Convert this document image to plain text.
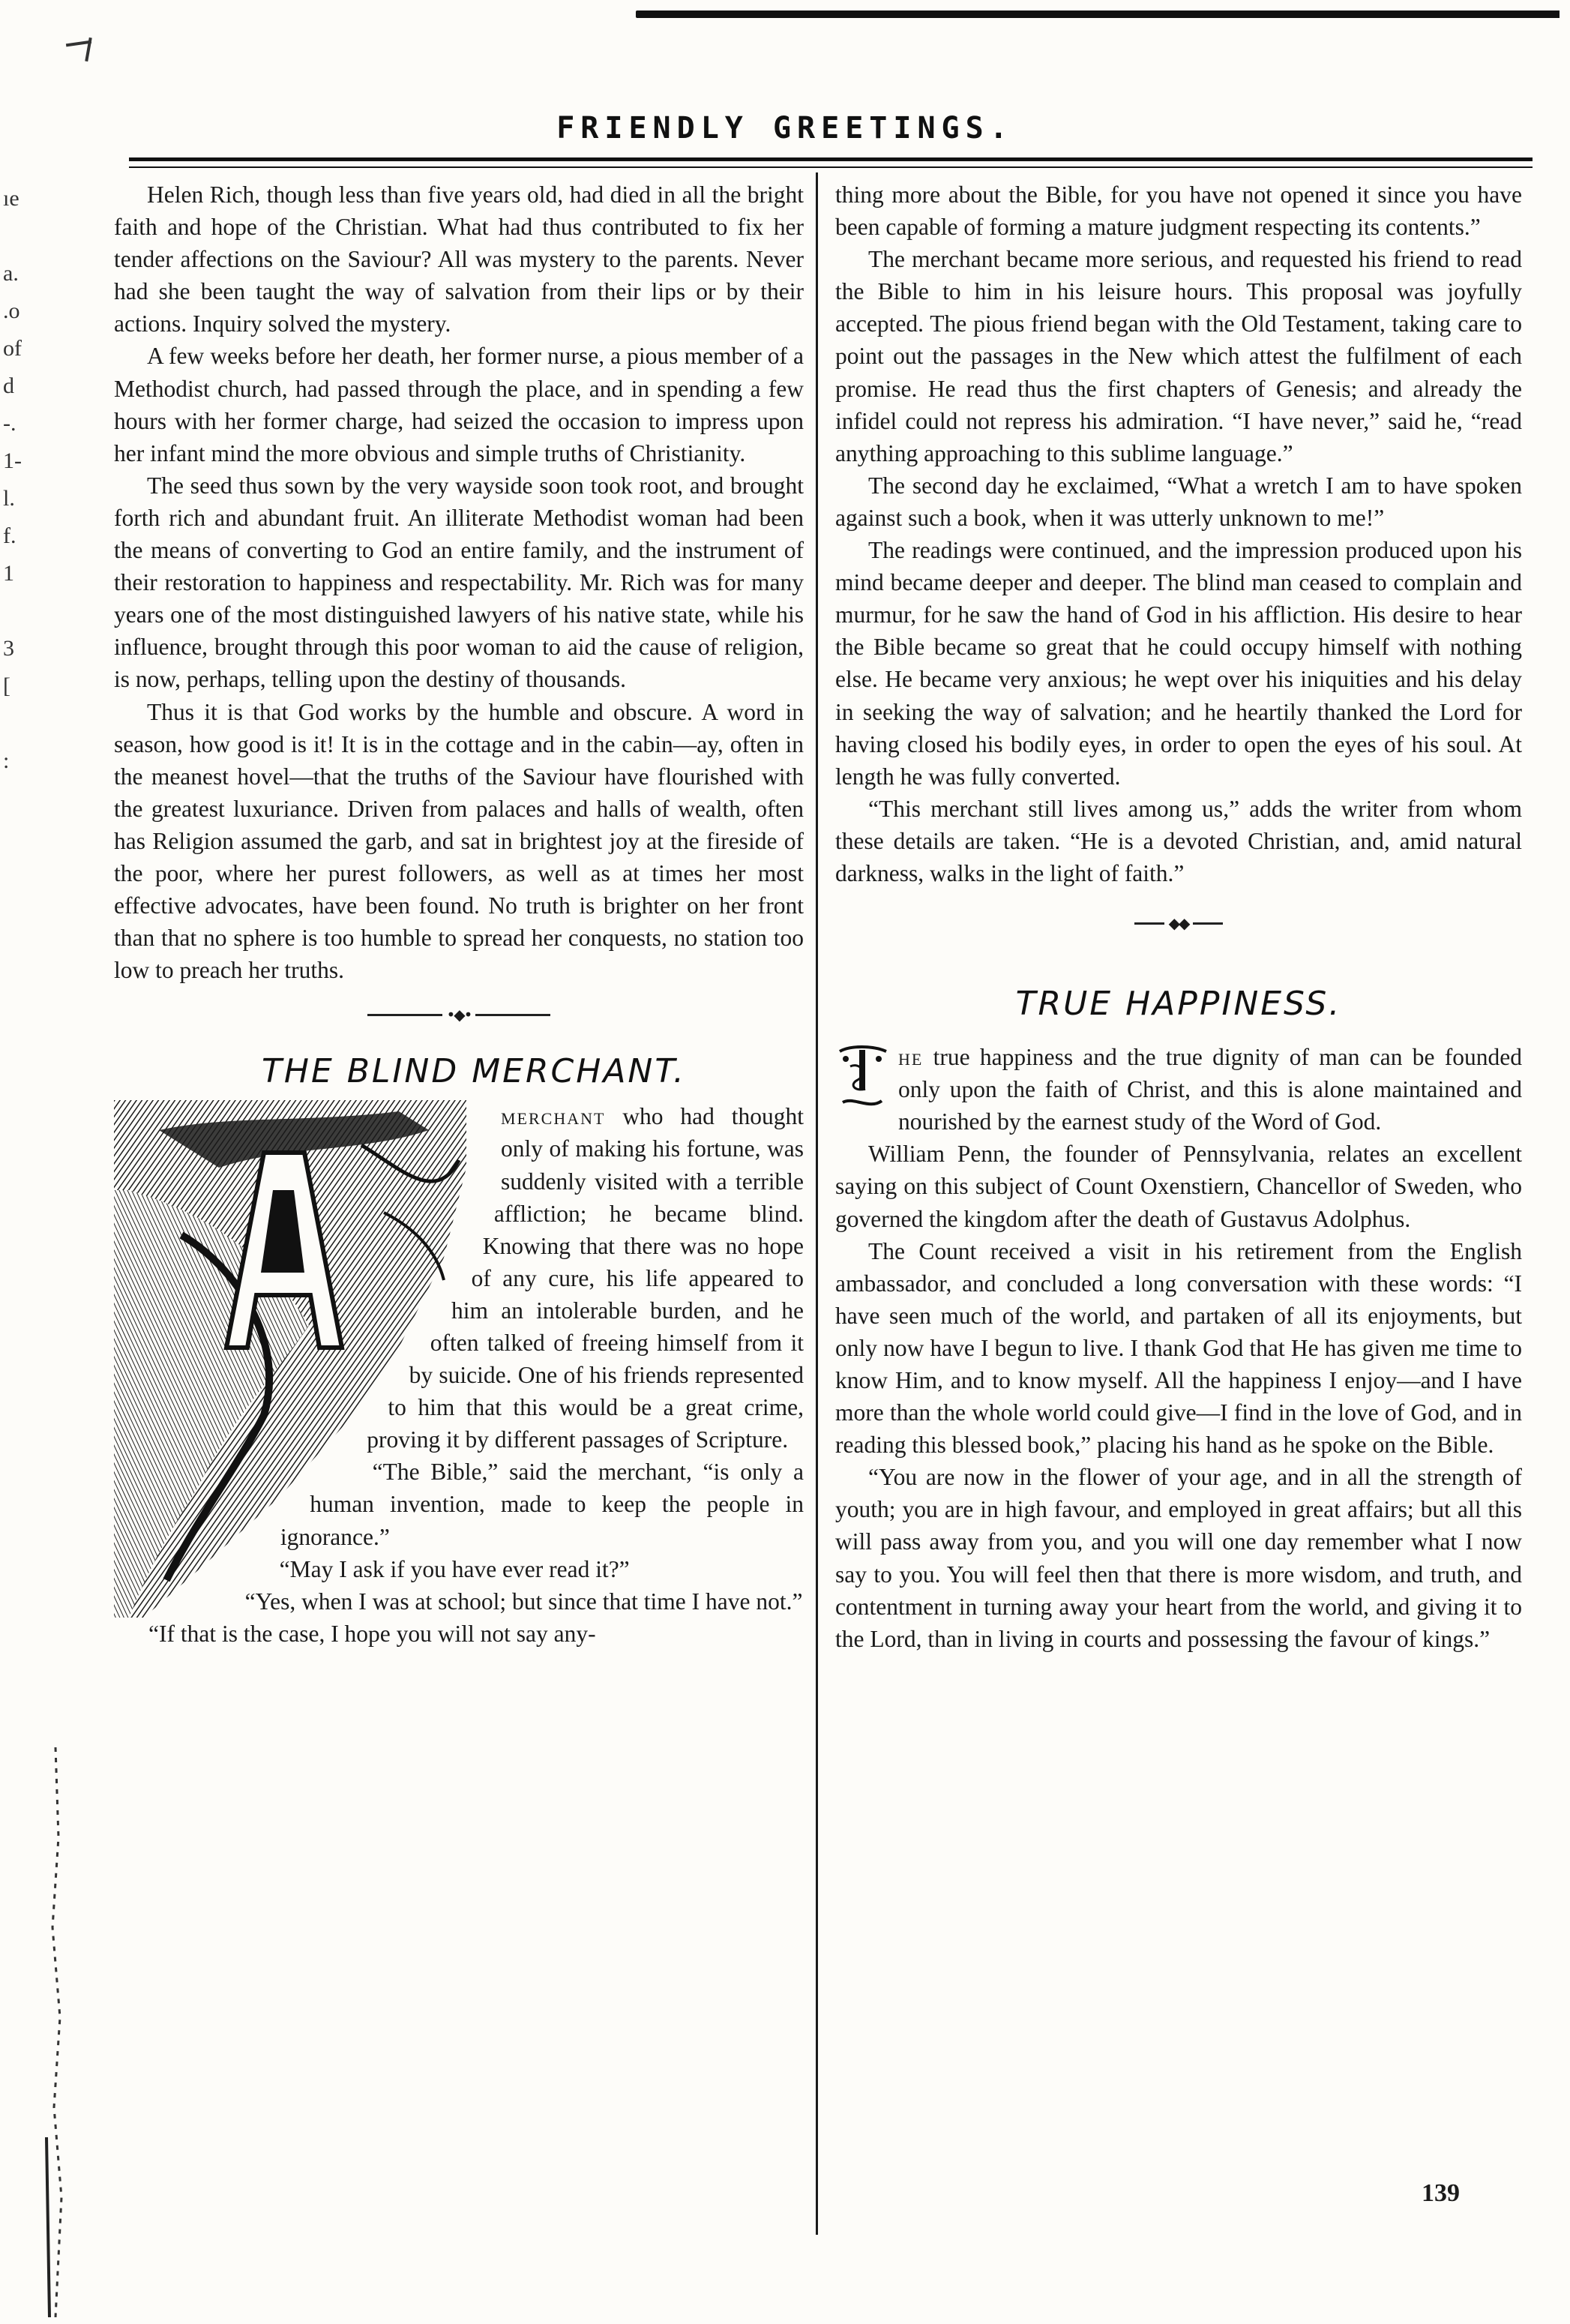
FRIENDLY GREETINGS.
ıe
a.
.o
of
d
-.
1-
l.
f.
1
3
[
:

Helen Rich, though less than five years old, had died in all the bright faith and hope of the Christian. What had thus contributed to fix her tender affections on the Saviour? All was mystery to the parents. Never had she been taught the way of salvation from their lips or by their actions. Inquiry solved the mystery.

A few weeks before her death, her former nurse, a pious member of a Methodist church, had passed through the place, and in spending a few hours with her former charge, had seized the occasion to impress upon her infant mind the more obvious and simple truths of Christianity.

The seed thus sown by the very wayside soon took root, and brought forth rich and abundant fruit. An illiterate Methodist woman had been the means of converting to God an entire family, and the instrument of their restoration to happiness and respectability. Mr. Rich was for many years one of the most distinguished lawyers of his native state, while his influence, brought through this poor woman to aid the cause of religion, is now, perhaps, telling upon the destiny of thousands.

Thus it is that God works by the humble and obscure. A word in season, how good is it! It is in the cottage and in the cabin—ay, often in the meanest hovel—that the truths of the Saviour have flourished with the greatest luxuriance. Driven from palaces and halls of wealth, often has Religion assumed the garb, and sat in brightest joy at the fireside of the poor, where her purest followers, as well as at times her most effective advocates, have been found. No truth is brighter on her front than that no sphere is too humble to spread her conquests, no station too low to preach her truths.

•◆•
THE BLIND MERCHANT.

merchant who had thought only of making his fortune, was suddenly visited with a terrible affliction; he became blind. Knowing that there was no hope of any cure, his life appeared to him an intolerable burden, and he often talked of freeing himself from it by suicide. One of his friends represented to him that this would be a great crime, proving it by different passages of Scripture.

“The Bible,” said the merchant, “is only a human invention, made to keep the people in ignorance.”

“May I ask if you have ever read it?”

“Yes, when I was at school; but since that time I have not.”

“If that is the case, I hope you will not say any-

thing more about the Bible, for you have not opened it since you have been capable of forming a mature judgment respecting its contents.”

The merchant became more serious, and requested his friend to read the Bible to him in his leisure hours. This proposal was joyfully accepted. The pious friend began with the Old Testament, taking care to point out the passages in the New which attest the fulfilment of each promise. He read thus the first chapters of Genesis; and already the infidel could not repress his admiration. “I have never,” said he, “read anything approaching to this sublime language.”

The second day he exclaimed, “What a wretch I am to have spoken against such a book, when it was utterly unknown to me!”

The readings were continued, and the impression produced upon his mind became deeper and deeper. The blind man ceased to complain and murmur, for he saw the hand of God in his affliction. His desire to hear the Bible became so great that he could occupy himself with nothing else. He became very anxious; he wept over his iniquities and his delay in seeking the way of salvation; and he heartily thanked the Lord for having closed his bodily eyes, in order to open the eyes of his soul. At length he was fully converted.

“This merchant still lives among us,” adds the writer from whom these details are taken. “He is a devoted Christian, and, amid natural darkness, walks in the light of faith.”

◆◆
TRUE HAPPINESS.

he true happiness and the true dignity of man can be founded only upon the faith of Christ, and this is alone maintained and nourished by the earnest study of the Word of God.

William Penn, the founder of Pennsylvania, relates an excellent saying on this subject of Count Oxenstiern, Chancellor of Sweden, who governed the kingdom after the death of Gustavus Adolphus.

The Count received a visit in his retirement from the English ambassador, and concluded a long conversation with these words: “I have seen much of the world, and partaken of all its enjoyments, but only now have I begun to live. I thank God that He has given me time to know Him, and to know myself. All the happiness I enjoy—and I have more than the whole world could give—I find in the love of God, and in reading this blessed book,” placing his hand as he spoke on the Bible.

“You are now in the flower of your age, and in all the strength of youth; you are in high favour, and employed in great affairs; but all this will pass away from you, and you will one day remember what I now say to you. You will feel then that there is more wisdom, and truth, and contentment in turning away your heart from the world, and giving it to the Lord, than in living in courts and possessing the favour of kings.”

139
